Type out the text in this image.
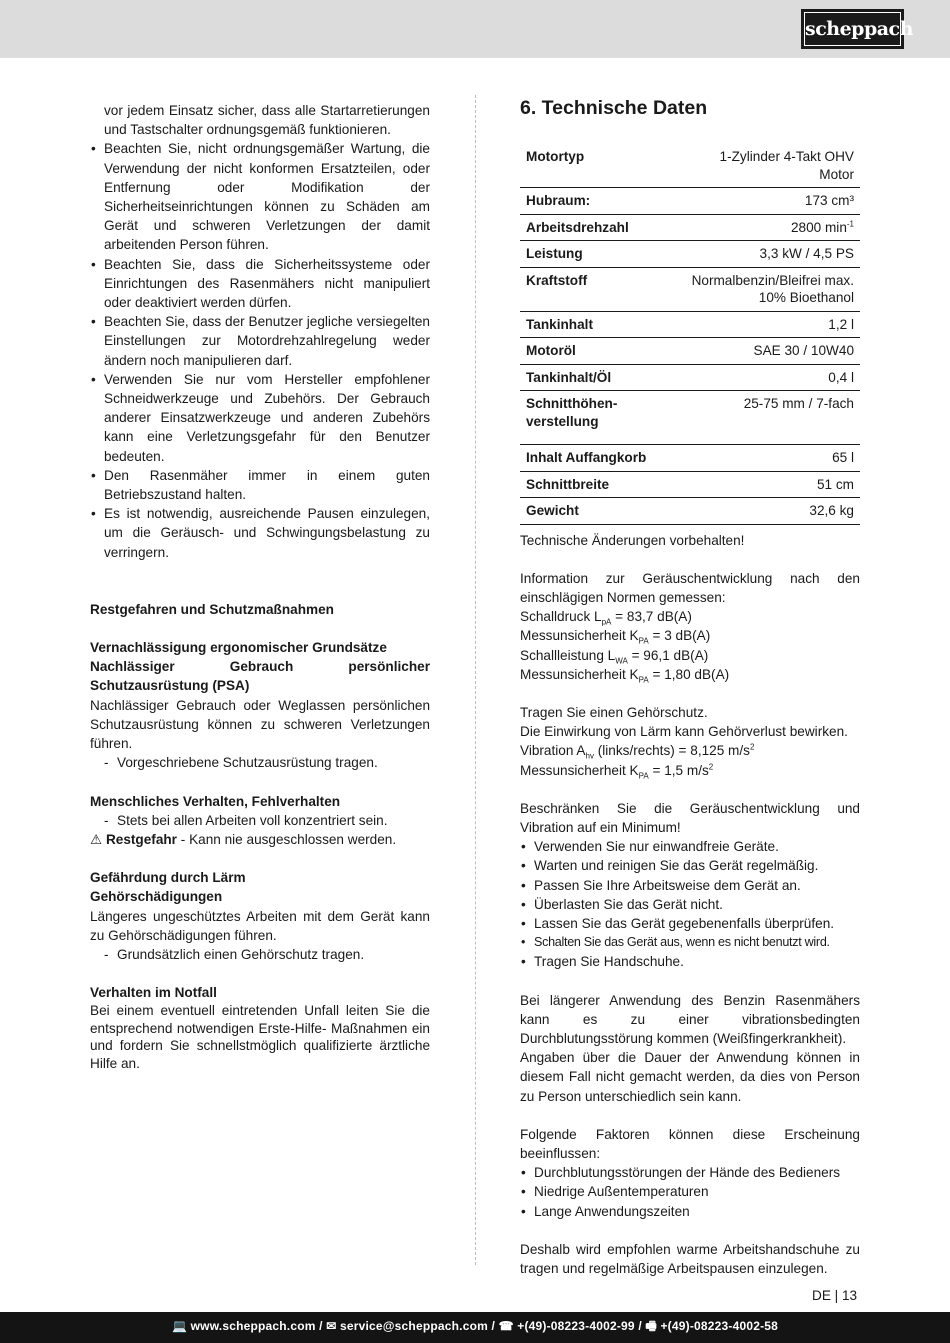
scheppach
vor jedem Einsatz sicher, dass alle Startarretierungen und Tastschalter ordnungsgemäß funktionieren.
• Beachten Sie, nicht ordnungsgemäßer Wartung, die Verwendung der nicht konformen Ersatzteilen, oder Entfernung oder Modifikation der Sicherheitseinrichtungen können zu Schäden am Gerät und schweren Verletzungen der damit arbeitenden Person führen.
• Beachten Sie, dass die Sicherheitssysteme oder Einrichtungen des Rasenmähers nicht manipuliert oder deaktiviert werden dürfen.
• Beachten Sie, dass der Benutzer jegliche versiegelten Einstellungen zur Motordrehzahlregelung weder ändern noch manipulieren darf.
• Verwenden Sie nur vom Hersteller empfohlener Schneidwerkzeuge und Zubehörs. Der Gebrauch anderer Einsatzwerkzeuge und anderen Zubehörs kann eine Verletzungsgefahr für den Benutzer bedeuten.
• Den Rasenmäher immer in einem guten Betriebszustand halten.
• Es ist notwendig, ausreichende Pausen einzulegen, um die Geräusch- und Schwingungsbelastung zu verringern.
Restgefahren und Schutzmaßnahmen
Vernachlässigung ergonomischer Grundsätze
Nachlässiger Gebrauch persönlicher Schutzausrüstung (PSA)
Nachlässiger Gebrauch oder Weglassen persönlichen Schutzausrüstung können zu schweren Verletzungen führen.
- Vorgeschriebene Schutzausrüstung tragen.
Menschliches Verhalten, Fehlverhalten
- Stets bei allen Arbeiten voll konzentriert sein.
⚠ Restgefahr - Kann nie ausgeschlossen werden.
Gefährdung durch Lärm
Gehörschädigungen
Längeres ungeschütztes Arbeiten mit dem Gerät kann zu Gehörschädigungen führen.
- Grundsätzlich einen Gehörschutz tragen.
Verhalten im Notfall
Bei einem eventuell eintretenden Unfall leiten Sie die entsprechend notwendigen Erste-Hilfe- Maßnahmen ein und fordern Sie schnellstmöglich qualifizierte ärztliche Hilfe an.
6. Technische Daten
Motortyp	1-Zylinder 4-Takt OHV Motor
Hubraum:	173 cm³
Arbeitsdrehzahl	2800 $\min^{-1}$
Leistung	3,3 kW / 4,5 PS
Kraftstoff	Normalbenzin/Bleifrei max.
10% Bioethanol

Tankinhalt	1,2 l
Motoröl	SAE 30 / 10W40
Tankinhalt/Öl	0,4 l

Schnitthöhen-
verstellung	25-75 mm / 7-fach
Inhalt Auffangkorb	65 l
Schnittbreite	51 cm
Gewicht	32,6 kg
Technische Änderungen vorbehalten!
Information zur Geräuschentwicklung nach den einschlägigen Normen gemessen:
Schalldruck $L_{pA} = 83,7$ dB(A)
Messunsicherheit $K_{PA} = 3$ dB(A)
Schallleistung $L_{WA} = 96,1$ dB(A)
Messunsicherheit $K_{PA} = 1,80$ dB(A)
Tragen Sie einen Gehörschutz.
Die Einwirkung von Lärm kann Gehörverlust bewirken.
Vibration $A_{hv}$ (links/rechts) = 8,125 $m/s^2$
Messunsicherheit $K_{PA} = 1,5$ $m/s^2$
Beschränken Sie die Geräuschentwicklung und Vibration auf ein Minimum!
• Verwenden Sie nur einwandfreie Geräte.
• Warten und reinigen Sie das Gerät regelmäßig.
• Passen Sie Ihre Arbeitsweise dem Gerät an.
• Überlasten Sie das Gerät nicht.
• Lassen Sie das Gerät gegebenenfalls überprüfen.
• Schalten Sie das Gerät aus, wenn es nicht benutzt wird.
• Tragen Sie Handschuhe.
Bei längerer Anwendung des Benzin Rasenmähers kann es zu einer vibrationsbedingten Durchblutungsstörung kommen (Weißfingerkrankheit).
Angaben über die Dauer der Anwendung können in diesem Fall nicht gemacht werden, da dies von Person zu Person unterschiedlich sein kann.
Folgende Faktoren können diese Erscheinung beeinflussen:
• Durchblutungsstörungen der Hände des Bedieners
• Niedrige Außentemperaturen
• Lange Anwendungszeiten
Deshalb wird empfohlen warme Arbeitshandschuhe zu tragen und regelmäßige Arbeitspausen einzulegen.
DE | 13
💻 www.scheppach.com / ✉ service@scheppach.com / ☎ +(49)-08223-4002-99 / 🖷 +(49)-08223-4002-58
